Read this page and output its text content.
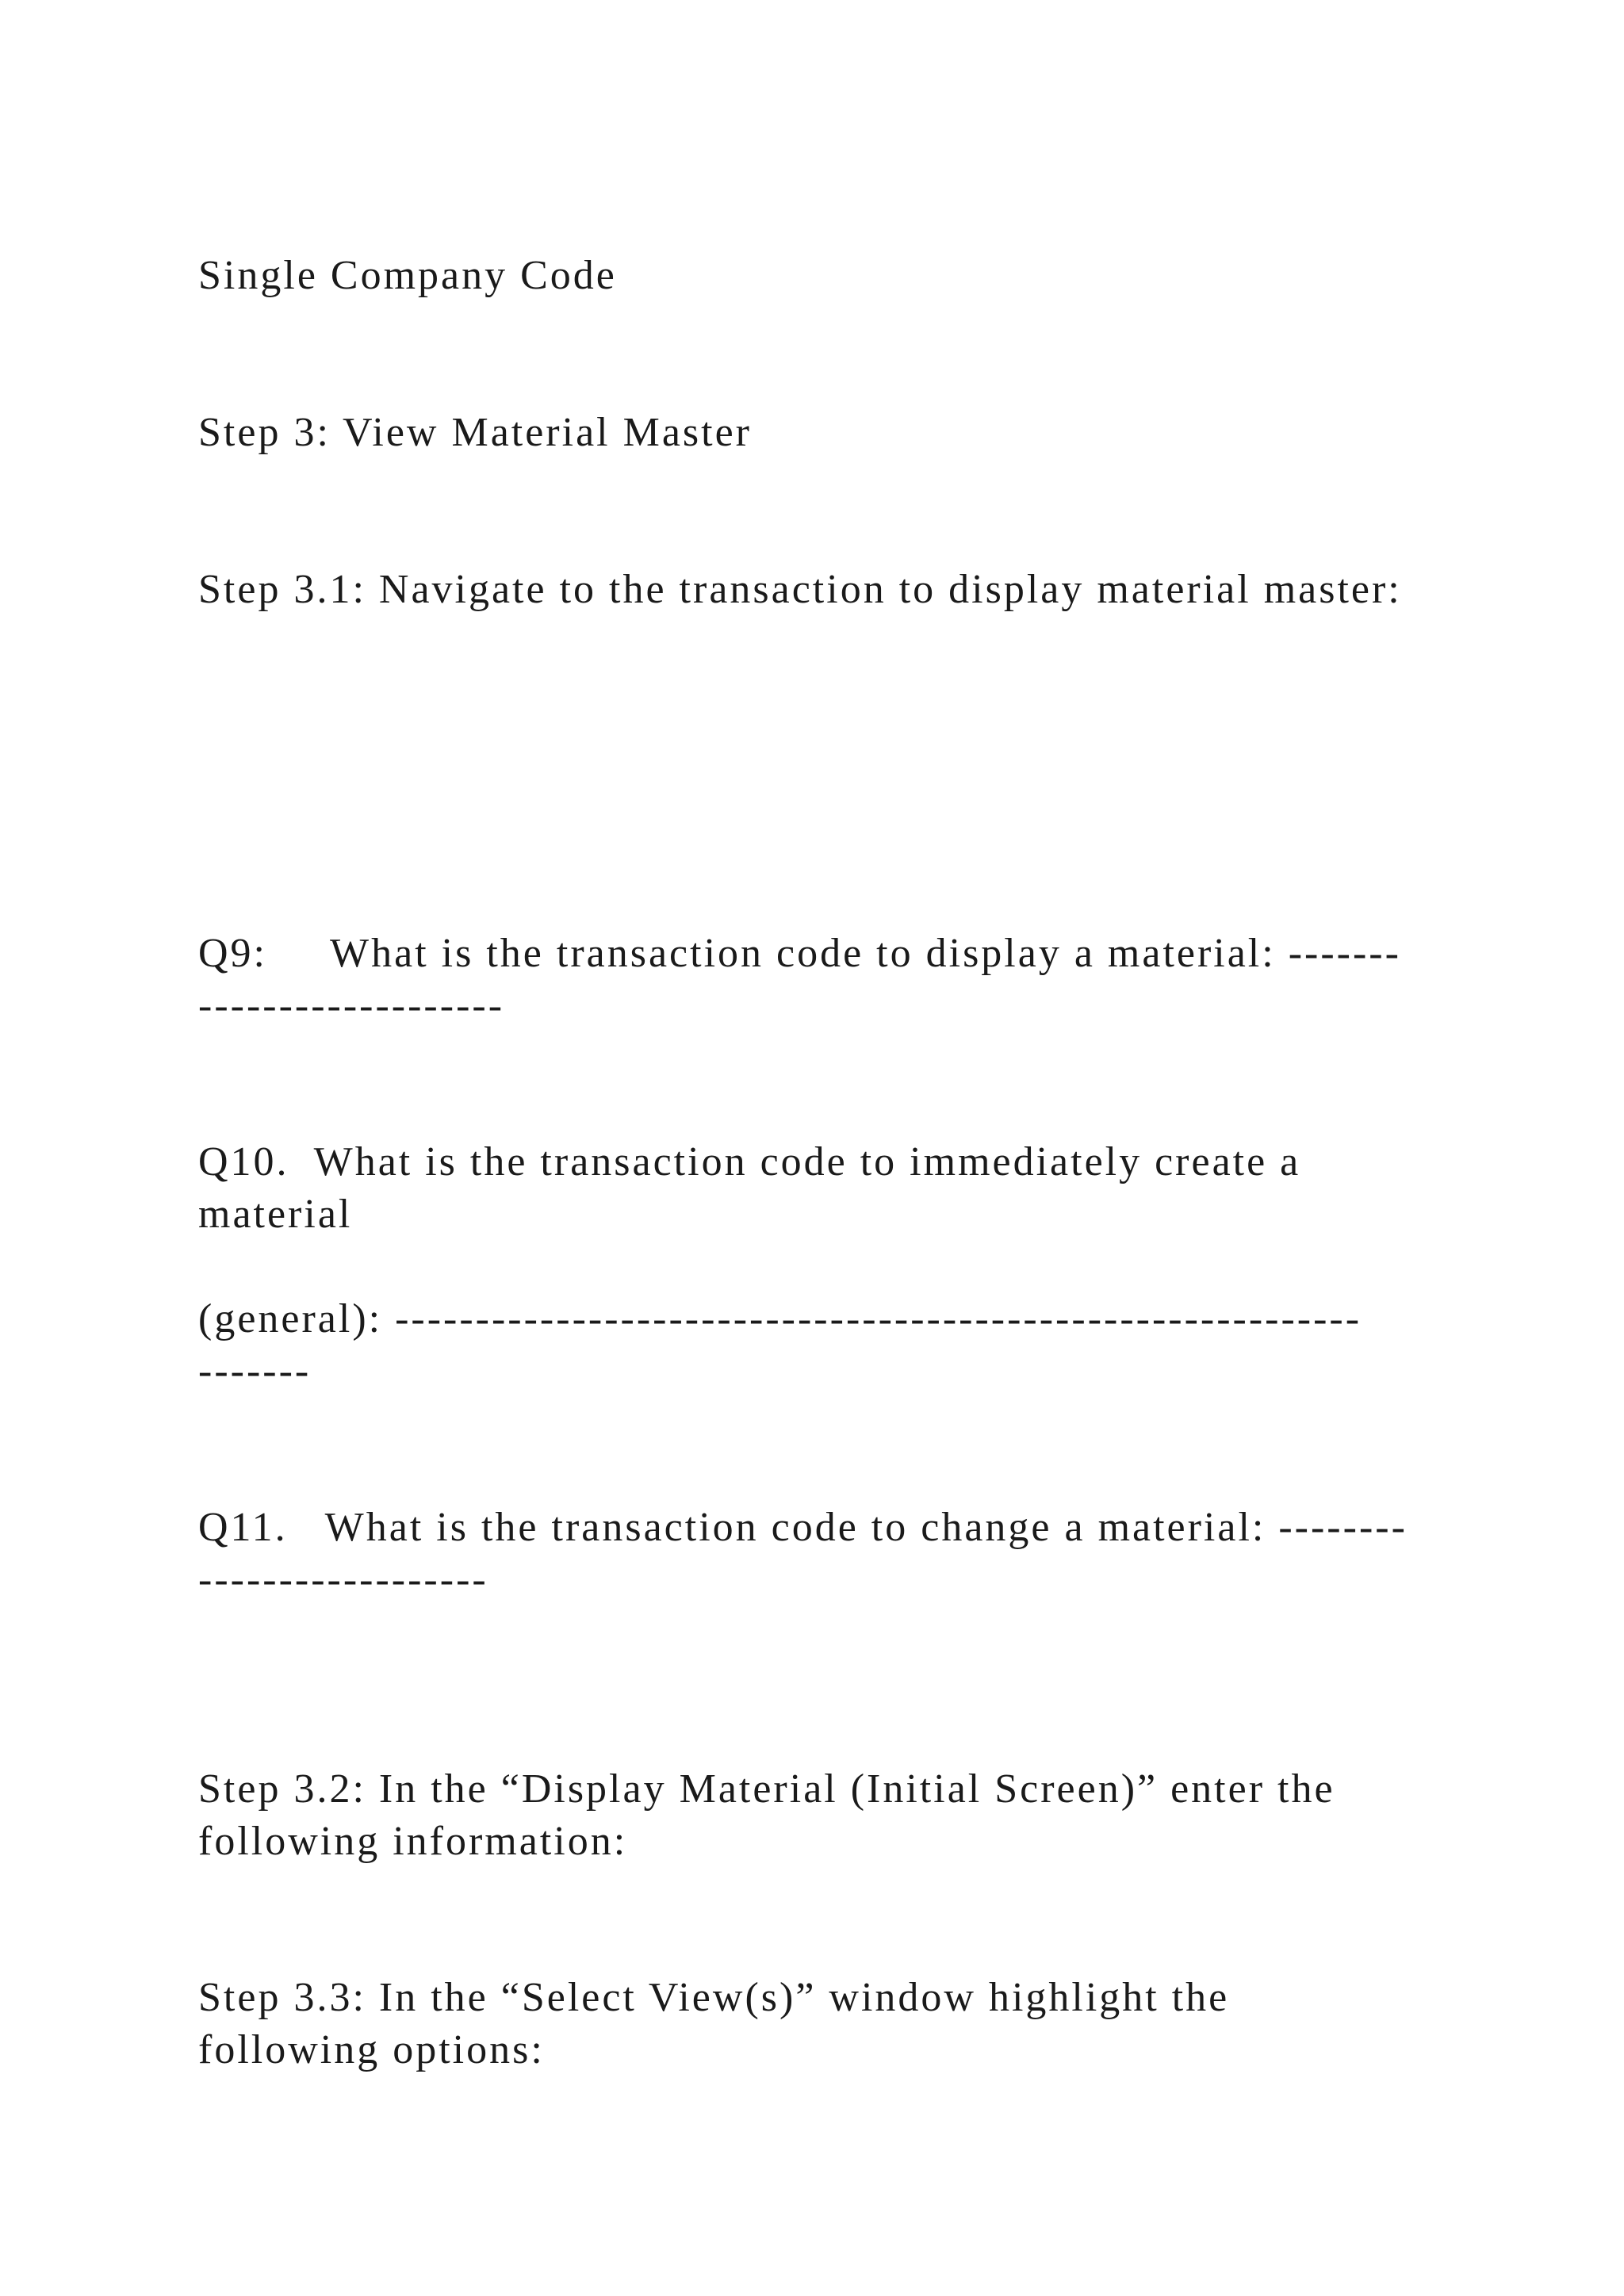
Single Company Code

Step 3: View Material Master

Step 3.1: Navigate to the transaction to display material master:

Q9:     What is the transaction code to display a material: -------

-------------------

Q10.  What is the transaction code to immediately create a

material

(general): ------------------------------------------------------------

-------

Q11.   What is the transaction code to change a material: --------

------------------

Step 3.2: In the “Display Material (Initial Screen)” enter the

following information:

Step 3.3: In the “Select View(s)” window highlight the

following options:
